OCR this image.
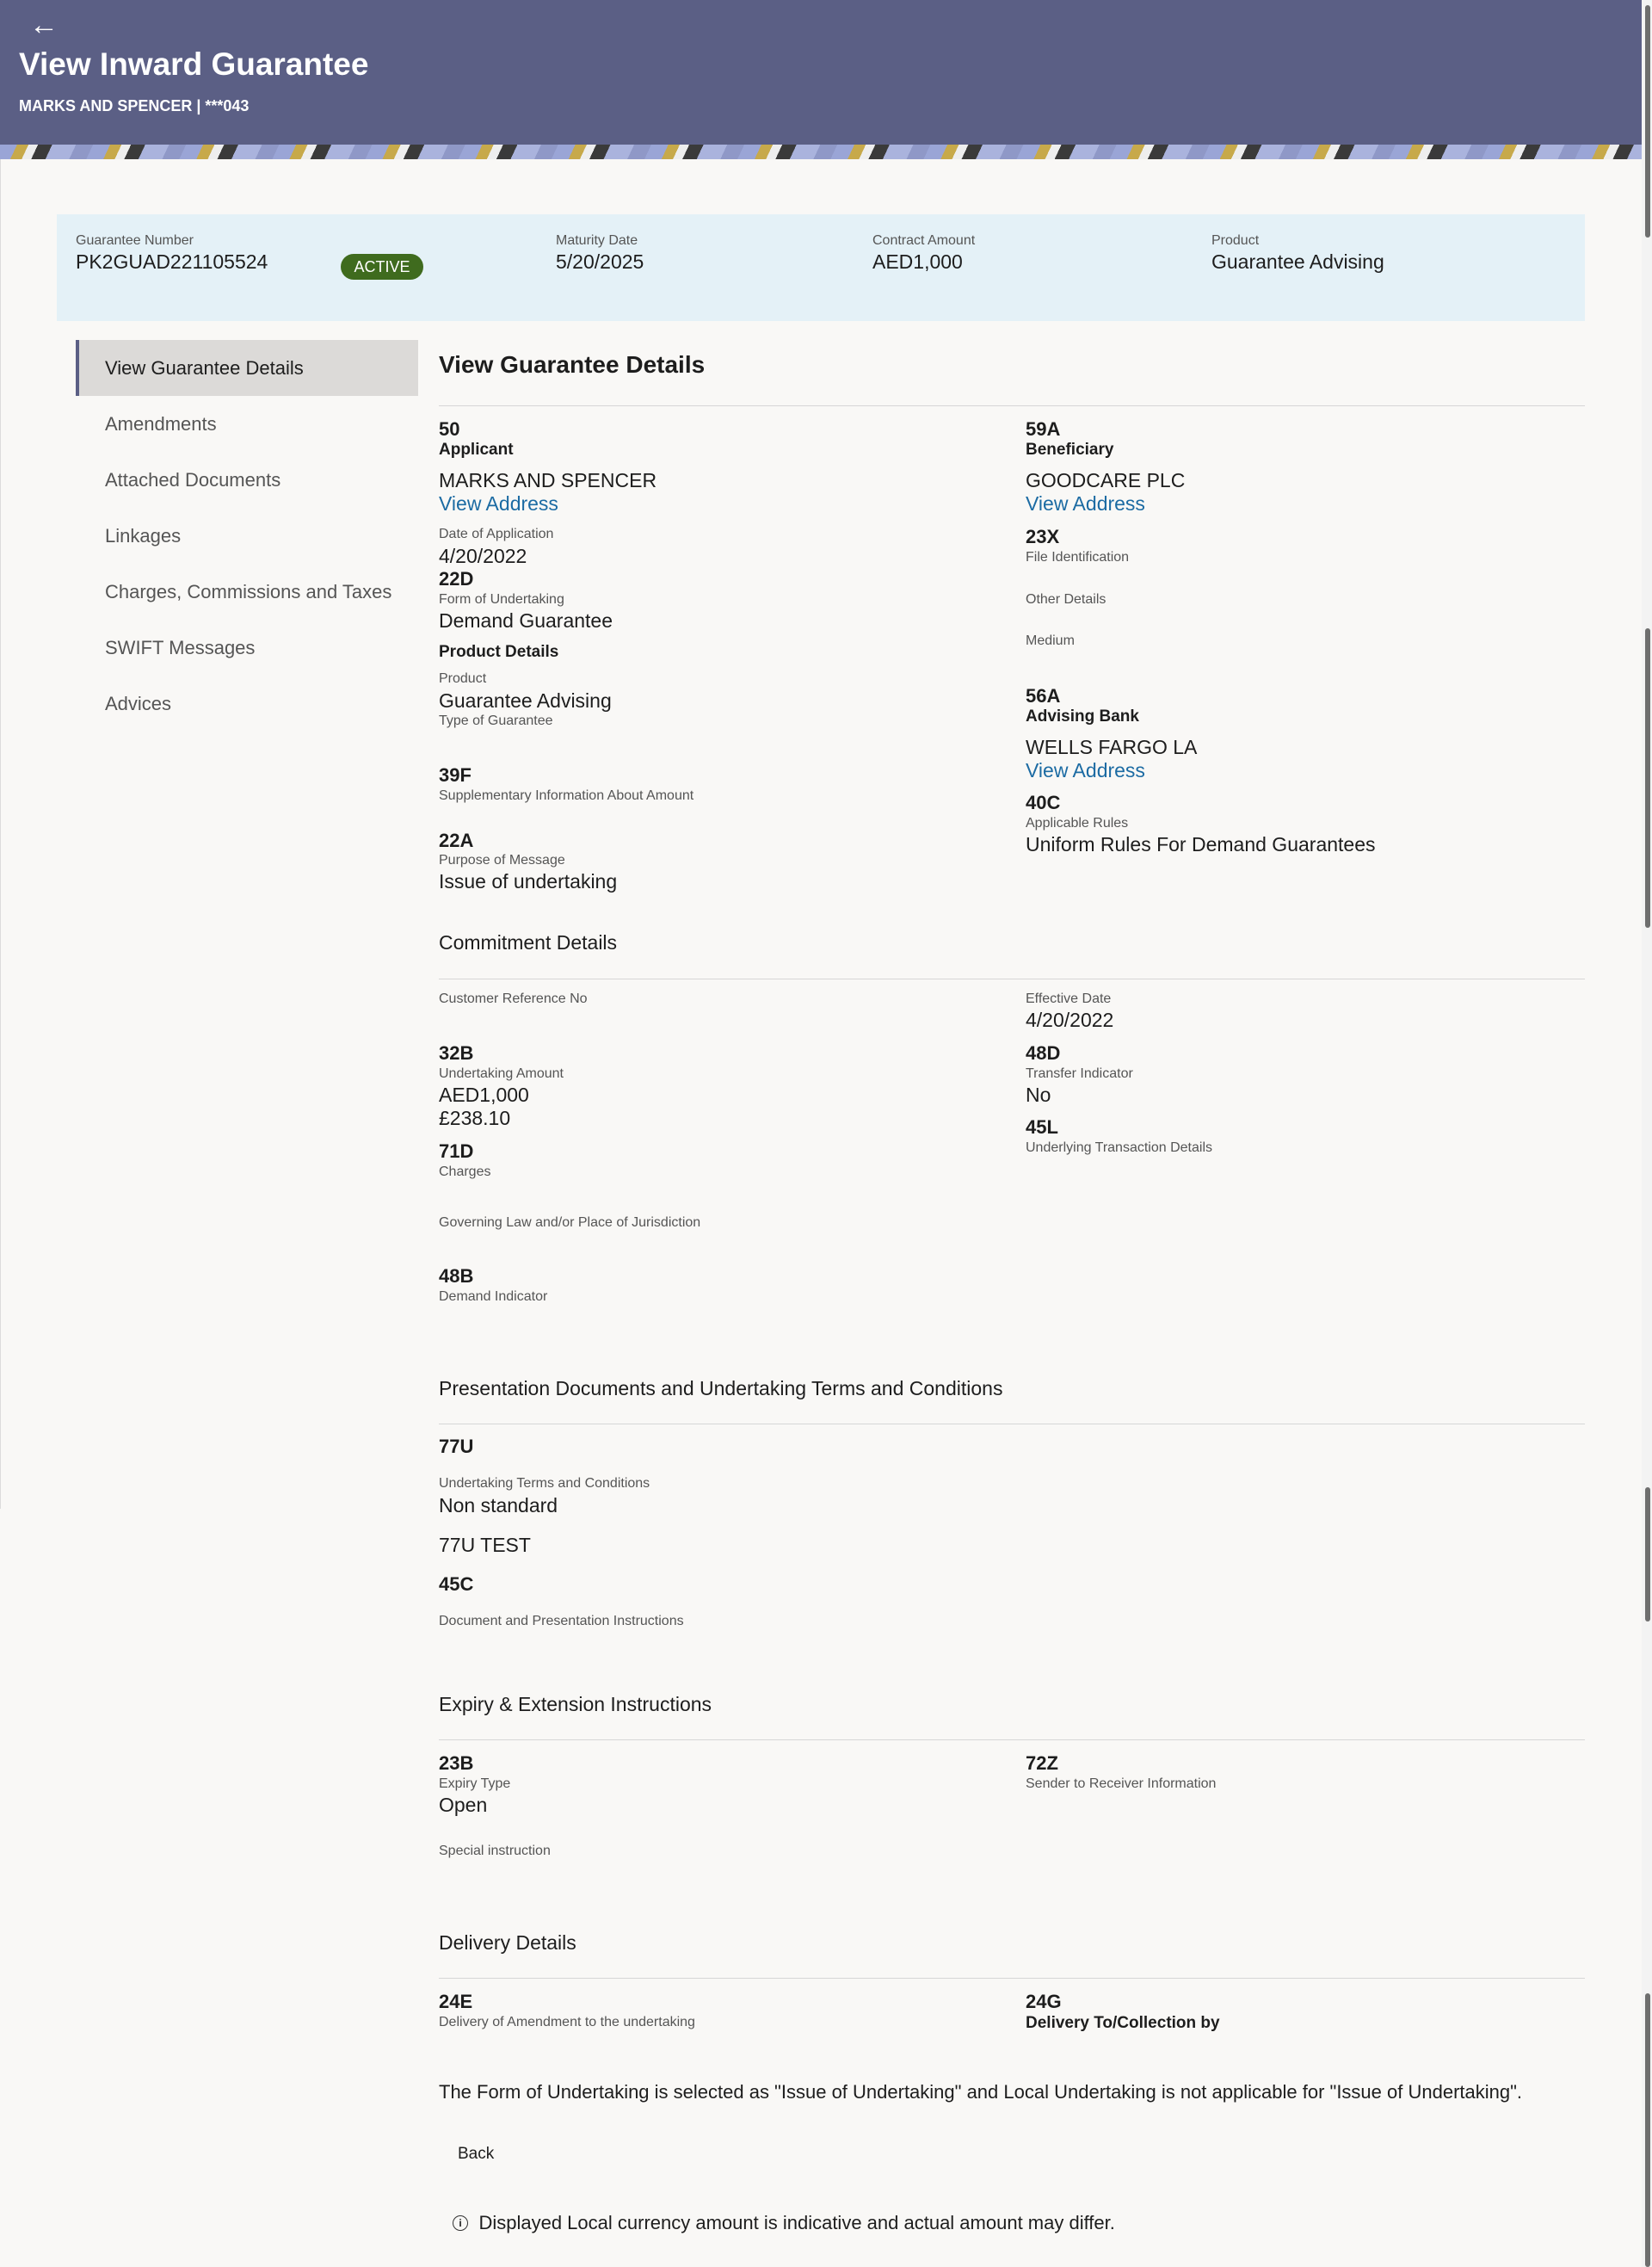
←
View Inward Guarantee
MARKS AND SPENCER | ***043
Guarantee Number
PK2GUAD221105524	ACTIVE
Maturity Date
5/20/2025
Contract Amount
AED1,000
Product
Guarantee Advising
View Guarantee Details
Amendments
Attached Documents
Linkages
Charges, Commissions and Taxes
SWIFT Messages
Advices
View Guarantee Details
50
Applicant
MARKS AND SPENCER
View Address
Date of Application
4/20/2022
22D
Form of Undertaking
Demand Guarantee
Product Details
Product
Guarantee Advising
Type of Guarantee
39F
Supplementary Information About Amount
22A
Purpose of Message
Issue of undertaking
59A
Beneficiary
GOODCARE PLC
View Address
23X
File Identification
Other Details
Medium
56A
Advising Bank
WELLS FARGO LA
View Address
40C
Applicable Rules
Uniform Rules For Demand Guarantees
Commitment Details
Customer Reference No
32B
Undertaking Amount
AED1,000
£238.10
71D
Charges
Governing Law and/or Place of Jurisdiction
48B
Demand Indicator
Effective Date
4/20/2022
48D
Transfer Indicator
No
45L
Underlying Transaction Details
Presentation Documents and Undertaking Terms and Conditions
77U
Undertaking Terms and Conditions
Non standard
77U TEST
45C
Document and Presentation Instructions
Expiry & Extension Instructions
23B
Expiry Type
Open
Special instruction
72Z
Sender to Receiver Information
Delivery Details
24E
Delivery of Amendment to the undertaking
24G
Delivery To/Collection by
The Form of Undertaking is selected as "Issue of Undertaking" and Local Undertaking is not applicable for "Issue of Undertaking".
Back
i Displayed Local currency amount is indicative and actual amount may differ.
